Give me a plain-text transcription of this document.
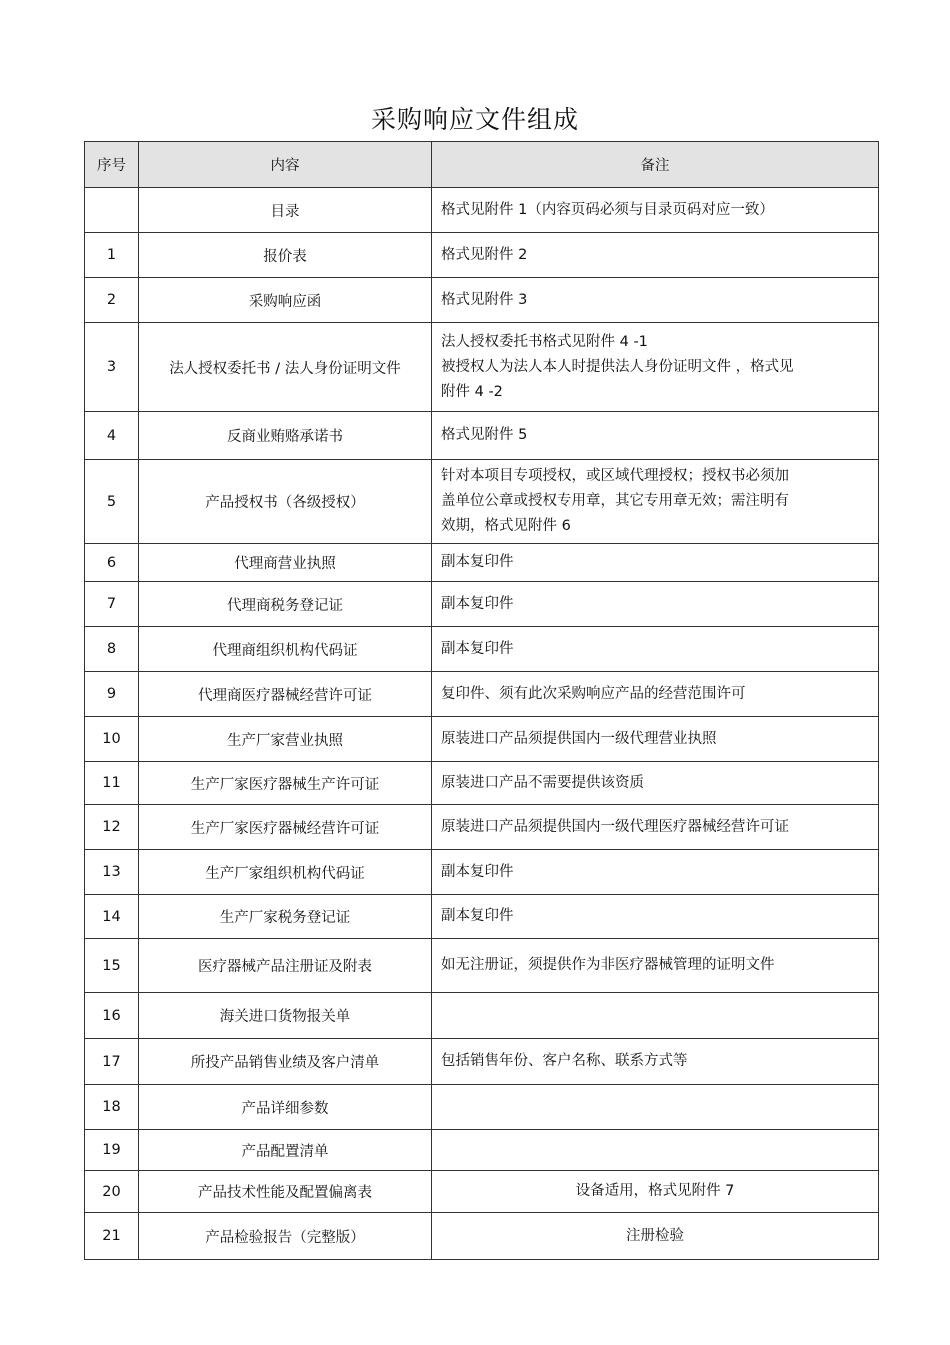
采购响应文件组成
序号	内容	备注
	目录	格式见附件 1（内容页码必须与目录页码对应一致）

1	报价表	格式见附件 2

2	采购响应函	格式见附件 3

3	法人授权委托书 / 法人身份证明文件	法人授权委托书格式见附件 4 -1
被授权人为法人本人时提供法人身份证明文件 ，格式见
附件 4 -2

4	反商业贿赂承诺书	格式见附件 5

5	产品授权书（各级授权）	针对本项目专项授权，或区域代理授权；授权书必须加
盖单位公章或授权专用章，其它专用章无效；需注明有
效期，格式见附件 6

6	代理商营业执照	副本复印件

7	代理商税务登记证	副本复印件

8	代理商组织机构代码证	副本复印件

9	代理商医疗器械经营许可证	复印件、须有此次采购响应产品的经营范围许可

10	生产厂家营业执照	原装进口产品须提供国内一级代理营业执照

11	生产厂家医疗器械生产许可证	原装进口产品不需要提供该资质

12	生产厂家医疗器械经营许可证	原装进口产品须提供国内一级代理医疗器械经营许可证

13	生产厂家组织机构代码证	副本复印件

14	生产厂家税务登记证	副本复印件

15	医疗器械产品注册证及附表	如无注册证，须提供作为非医疗器械管理的证明文件

16	海关进口货物报关单	
17	所投产品销售业绩及客户清单	包括销售年份、客户名称、联系方式等

18	产品详细参数	
19	产品配置清单	
20	产品技术性能及配置偏离表	设备适用，格式见附件 7

21	产品检验报告（完整版）	注册检验
